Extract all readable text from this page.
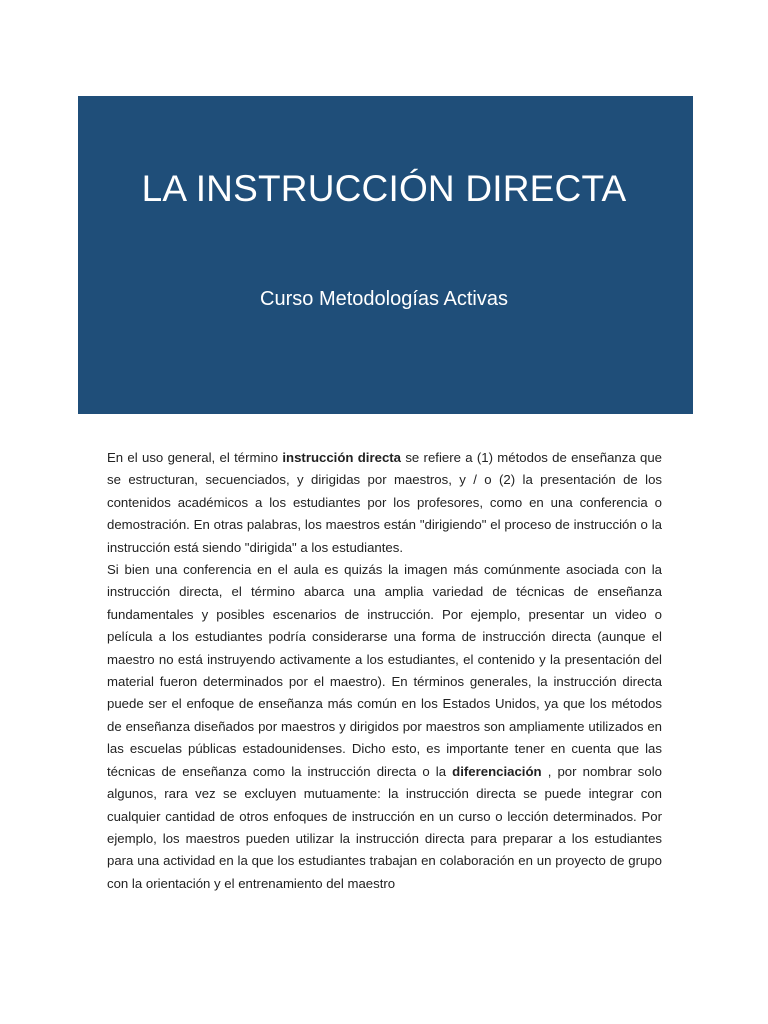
LA INSTRUCCIÓN DIRECTA
Curso Metodologías Activas

En el uso general, el término instrucción directa se refiere a (1) métodos de enseñanza que se estructuran, secuenciados, y dirigidas por maestros, y / o (2) la presentación de los contenidos académicos a los estudiantes por los profesores, como en una conferencia o demostración. En otras palabras, los maestros están "dirigiendo" el proceso de instrucción o la instrucción está siendo "dirigida" a los estudiantes.

Si bien una conferencia en el aula es quizás la imagen más comúnmente asociada con la instrucción directa, el término abarca una amplia variedad de técnicas de enseñanza fundamentales y posibles escenarios de instrucción. Por ejemplo, presentar un video o película a los estudiantes podría considerarse una forma de instrucción directa (aunque el maestro no está instruyendo activamente a los estudiantes, el contenido y la presentación del material fueron determinados por el maestro). En términos generales, la instrucción directa puede ser el enfoque de enseñanza más común en los Estados Unidos, ya que los métodos de enseñanza diseñados por maestros y dirigidos por maestros son ampliamente utilizados en las escuelas públicas estadounidenses. Dicho esto, es importante tener en cuenta que las técnicas de enseñanza como la instrucción directa o la diferenciación , por nombrar solo algunos, rara vez se excluyen mutuamente: la instrucción directa se puede integrar con cualquier cantidad de otros enfoques de instrucción en un curso o lección determinados. Por ejemplo, los maestros pueden utilizar la instrucción directa para preparar a los estudiantes para una actividad en la que los estudiantes trabajan en colaboración en un proyecto de grupo con la orientación y el entrenamiento del maestro
